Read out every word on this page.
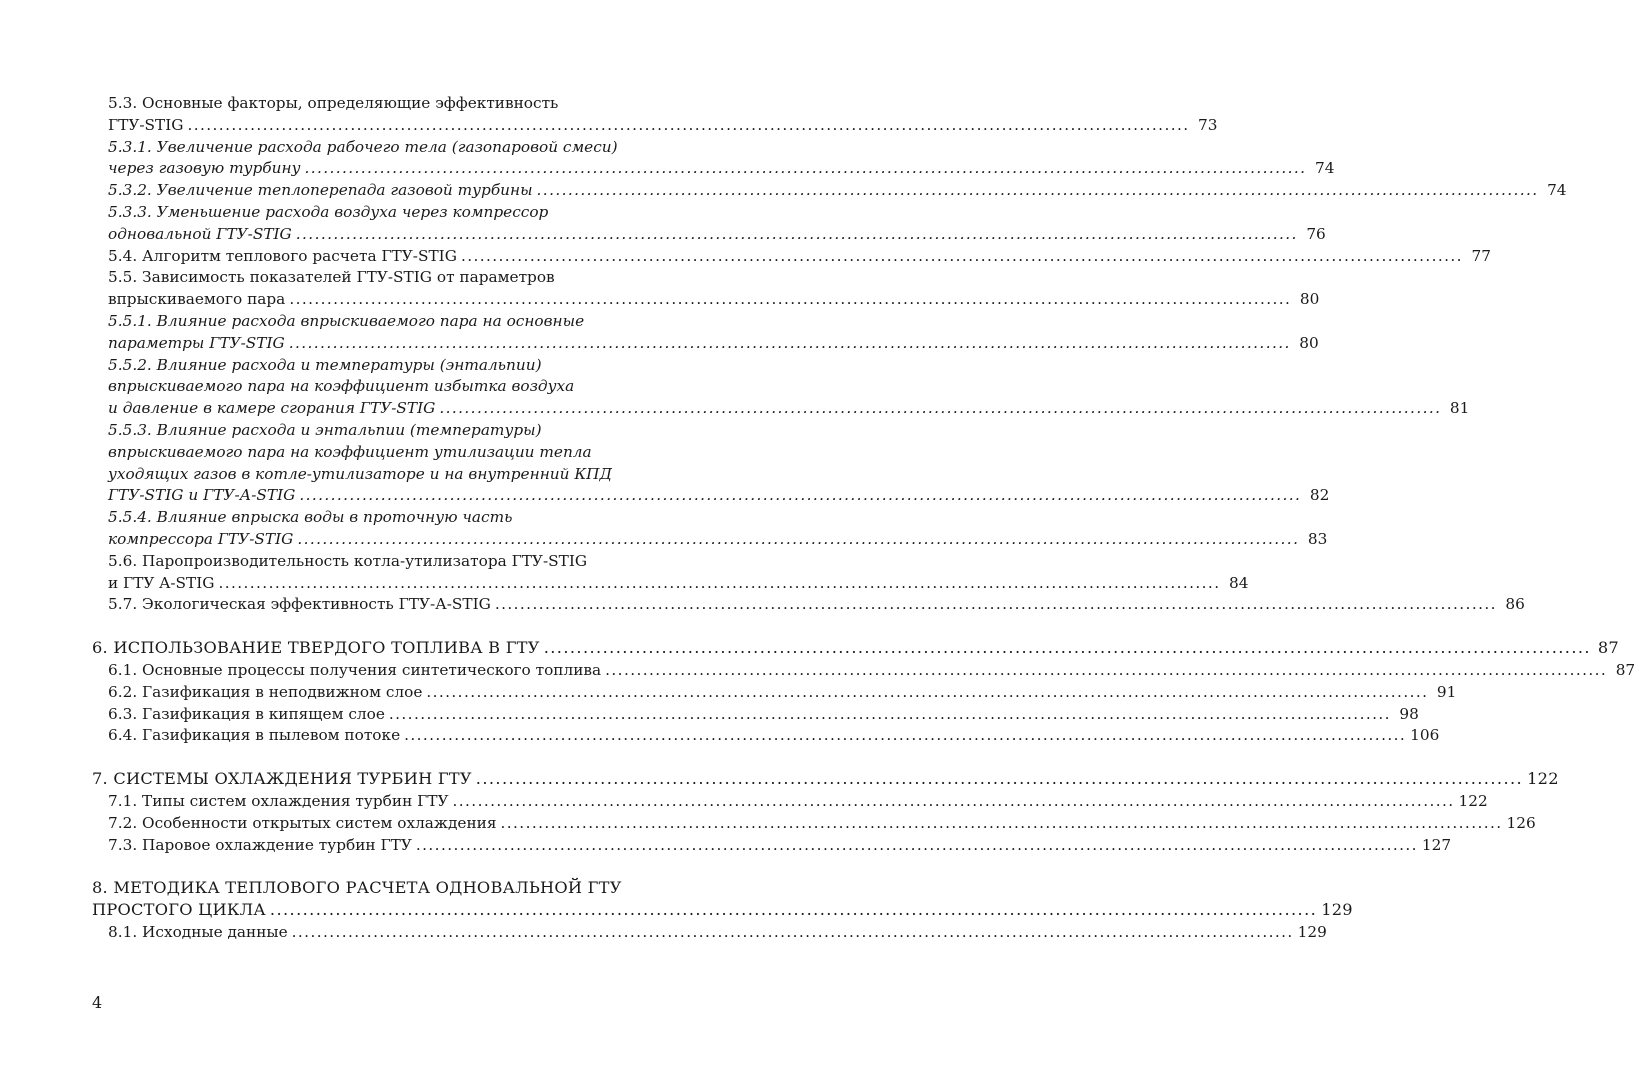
5.3. Основные факторы, определяющие эффективность
ГТУ-STIG ................................................................................................................................................................ 73
5.3.1. Увеличение расхода рабочего тела (газопаровой смеси)
через газовую турбину ................................................................................................................................................................ 74
5.3.2. Увеличение теплоперепада газовой турбины ................................................................................................................................................................ 74
5.3.3. Уменьшение расхода воздуха через компрессор
одновальной ГТУ-STIG ................................................................................................................................................................ 76
5.4. Алгоритм теплового расчета ГТУ-STIG ................................................................................................................................................................ 77
5.5. Зависимость показателей ГТУ-STIG от параметров
впрыскиваемого пара ................................................................................................................................................................ 80
5.5.1. Влияние расхода впрыскиваемого пара на основные
параметры ГТУ-STIG ................................................................................................................................................................ 80
5.5.2. Влияние расхода и температуры (энтальпии)
впрыскиваемого пара на коэффициент избытка воздуха
и давление в камере сгорания ГТУ-STIG ................................................................................................................................................................ 81
5.5.3. Влияние расхода и энтальпии (температуры)
впрыскиваемого пара на коэффициент утилизации тепла
уходящих газов в котле-утилизаторе и на внутренний КПД
ГТУ-STIG и ГТУ-А-STIG ................................................................................................................................................................ 82
5.5.4. Влияние впрыска воды в проточную часть
компрессора ГТУ-STIG ................................................................................................................................................................ 83
5.6. Паропроизводительность котла-утилизатора ГТУ-STIG
и ГТУ A-STIG ................................................................................................................................................................ 84
5.7. Экологическая эффективность ГТУ-А-STIG ................................................................................................................................................................ 86
6. ИСПОЛЬЗОВАНИЕ ТВЕРДОГО ТОПЛИВА В ГТУ ................................................................................................................................................................ 87
6.1. Основные процессы получения синтетического топлива ................................................................................................................................................................ 87
6.2. Газификация в неподвижном слое ................................................................................................................................................................ 91
6.3. Газификация в кипящем слое ................................................................................................................................................................ 98
6.4. Газификация в пылевом потоке ................................................................................................................................................................ 106
7. СИСТЕМЫ ОХЛАЖДЕНИЯ ТУРБИН ГТУ ................................................................................................................................................................ 122
7.1. Типы систем охлаждения турбин ГТУ ................................................................................................................................................................ 122
7.2. Особенности открытых систем охлаждения ................................................................................................................................................................ 126
7.3. Паровое охлаждение турбин ГТУ ................................................................................................................................................................ 127
8. МЕТОДИКА ТЕПЛОВОГО РАСЧЕТА ОДНОВАЛЬНОЙ ГТУ
ПРОСТОГО ЦИКЛА ................................................................................................................................................................ 129
8.1. Исходные данные ................................................................................................................................................................ 129
4
